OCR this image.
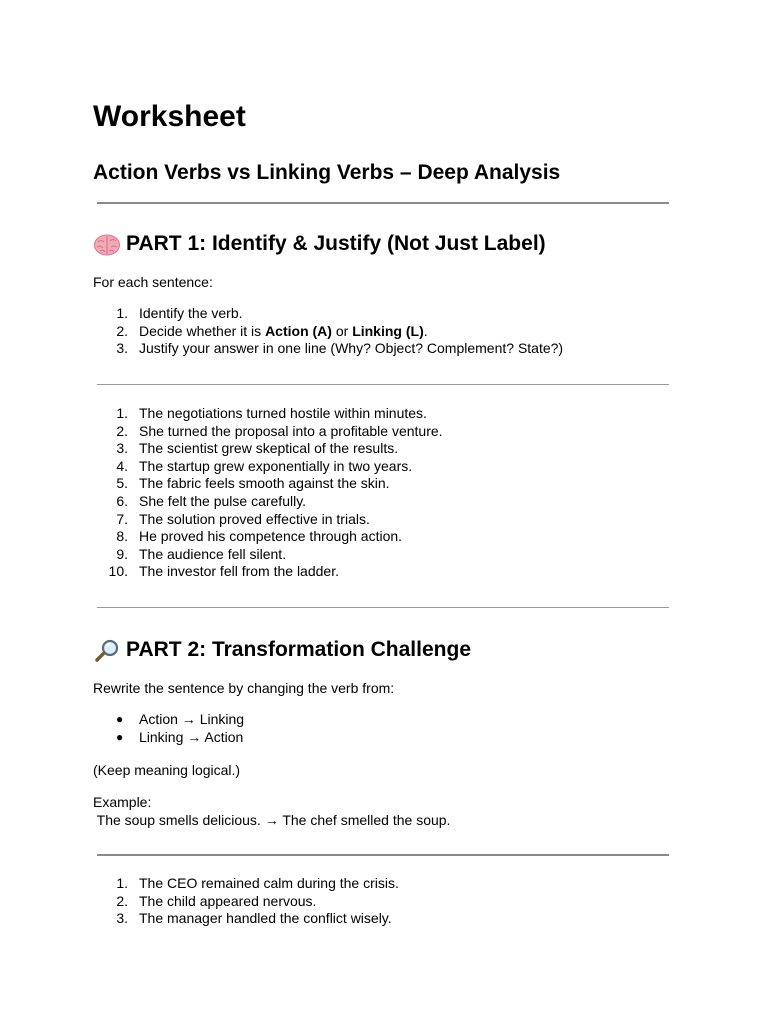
Worksheet
Action Verbs vs Linking Verbs – Deep Analysis
PART 1: Identify & Justify (Not Just Label)

For each sentence:

1. Identify the verb.
2. Decide whether it is Action (A) or Linking (L).
3. Justify your answer in one line (Why? Object? Complement? State?)
1. The negotiations turned hostile within minutes.
2. She turned the proposal into a profitable venture.
3. The scientist grew skeptical of the results.
4. The startup grew exponentially in two years.
5. The fabric feels smooth against the skin.
6. She felt the pulse carefully.
7. The solution proved effective in trials.
8. He proved his competence through action.
9. The audience fell silent.
10. The investor fell from the ladder.
PART 2: Transformation Challenge

Rewrite the sentence by changing the verb from:

● Action → Linking
● Linking → Action

(Keep meaning logical.)

Example:

The soup smells delicious. → The chef smelled the soup.

1. The CEO remained calm during the crisis.
2. The child appeared nervous.
3. The manager handled the conflict wisely.
